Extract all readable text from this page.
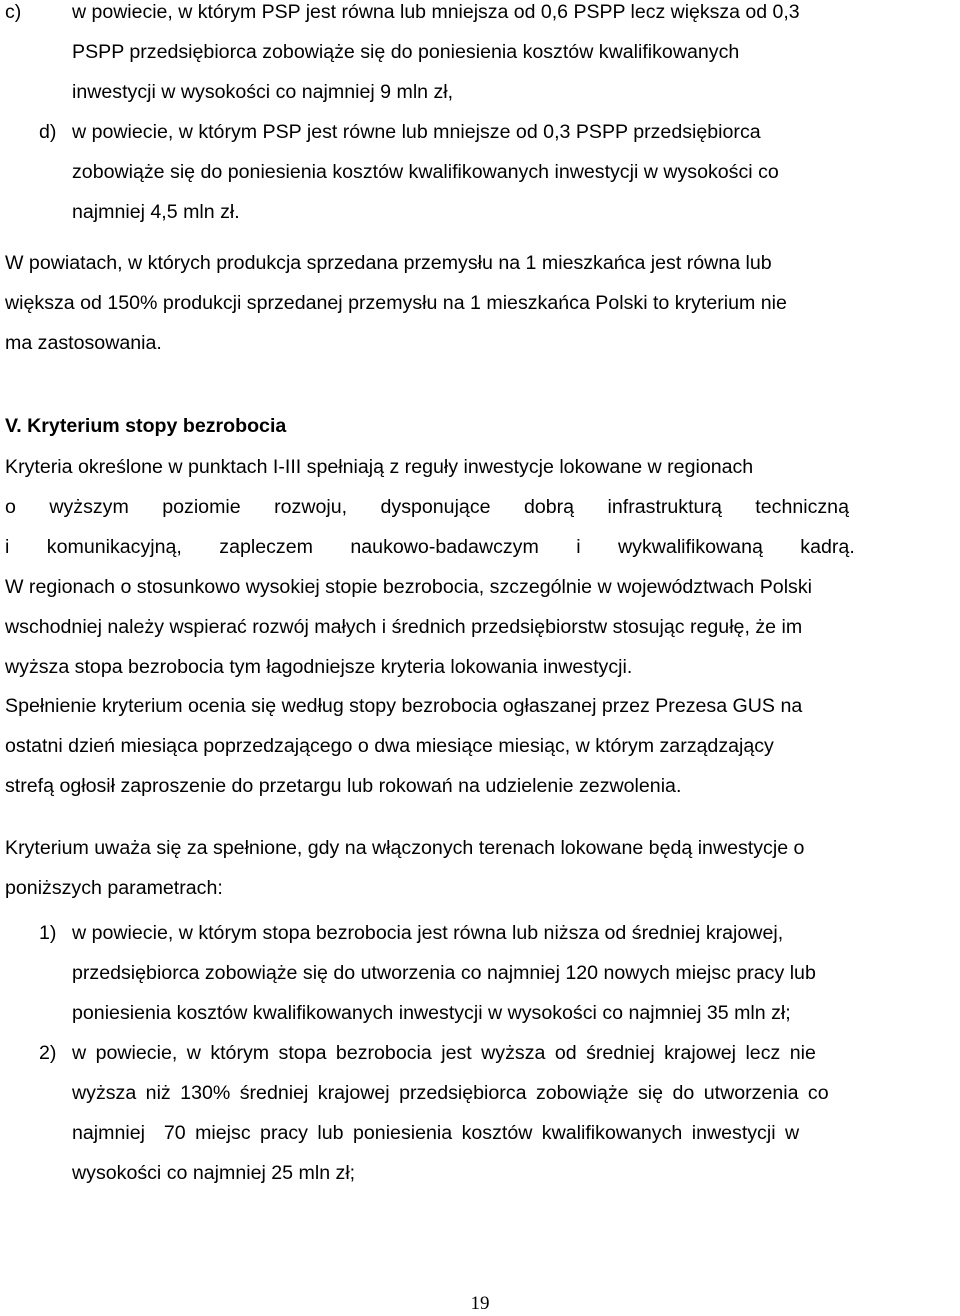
c)	w powiecie, w którym PSP jest równa lub mniejsza od 0,6 PSPP lecz większa od 0,3
PSPP przedsiębiorca zobowiąże się do poniesienia kosztów kwalifikowanych
inwestycji w wysokości co najmniej 9 mln zł,
d) w powiecie, w którym PSP jest równe lub mniejsze od 0,3 PSPP przedsiębiorca
zobowiąże się do poniesienia kosztów kwalifikowanych inwestycji w wysokości co
najmniej 4,5 mln zł.
W powiatach, w których produkcja sprzedana przemysłu na 1 mieszkańca jest równa lub
większa od 150% produkcji sprzedanej przemysłu na 1 mieszkańca Polski to kryterium nie
ma zastosowania.
V. Kryterium stopy bezrobocia
Kryteria określone w punktach I-III spełniają z reguły inwestycje lokowane w regionach
o wyższym poziomie rozwoju, dysponujące dobrą infrastrukturą techniczną
i komunikacyjną, zapleczem naukowo-badawczym i wykwalifikowaną kadrą.
W regionach o stosunkowo wysokiej stopie bezrobocia, szczególnie w województwach Polski
wschodniej należy wspierać rozwój małych i średnich przedsiębiorstw stosując regułę, że im
wyższa stopa bezrobocia tym łagodniejsze kryteria lokowania inwestycji.
Spełnienie kryterium ocenia się według stopy bezrobocia ogłaszanej przez Prezesa GUS na
ostatni dzień miesiąca poprzedzającego o dwa miesiące miesiąc, w którym zarządzający
strefą ogłosił zaproszenie do przetargu lub rokowań na udzielenie zezwolenia.
Kryterium uważa się za spełnione, gdy na włączonych terenach lokowane będą inwestycje o
poniższych parametrach:
1) w powiecie, w którym stopa bezrobocia jest równa lub niższa od średniej krajowej,
przedsiębiorca zobowiąże się do utworzenia co najmniej 120 nowych miejsc pracy lub
poniesienia kosztów kwalifikowanych inwestycji w wysokości co najmniej 35 mln zł;
2) w powiecie, w którym stopa bezrobocia jest wyższa od średniej krajowej lecz nie
wyższa niż 130% średniej krajowej przedsiębiorca zobowiąże się do utworzenia co
najmniej  70 miejsc pracy lub poniesienia kosztów kwalifikowanych inwestycji w
wysokości co najmniej 25 mln zł;
19
